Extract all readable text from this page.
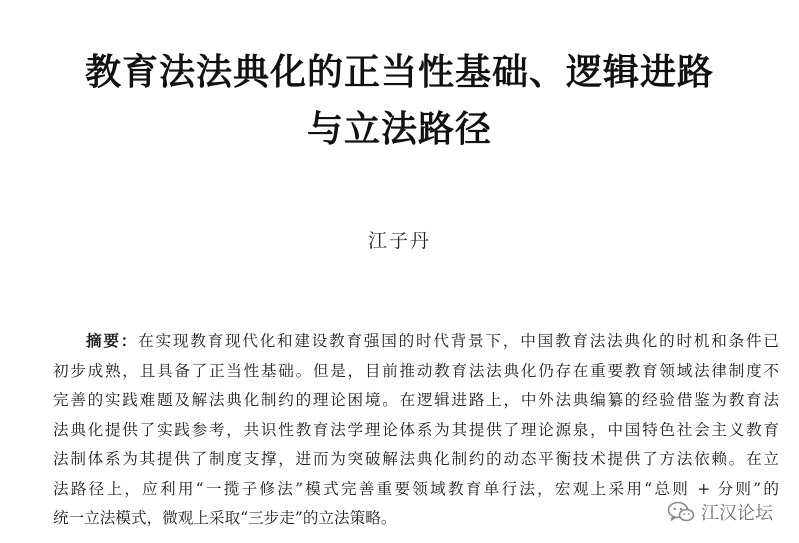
教育法法典化的正当性基础、逻辑进路
与立法路径
江子丹
摘要：在实现教育现代化和建设教育强国的时代背景下，中国教育法法典化的时机和条件已
初步成熟，且具备了正当性基础。但是，目前推动教育法法典化仍存在重要教育领域法律制度不
完善的实践难题及解法典化制约的理论困境。在逻辑进路上，中外法典编纂的经验借鉴为教育法
法典化提供了实践参考，共识性教育法学理论体系为其提供了理论源泉，中国特色社会主义教育
法制体系为其提供了制度支撑，进而为突破解法典化制约的动态平衡技术提供了方法依赖。在立
法路径上，应利用“一揽子修法”模式完善重要领域教育单行法，宏观上采用“总则 + 分则”的
统一立法模式，微观上采取“三步走”的立法策略。	江汉论坛
